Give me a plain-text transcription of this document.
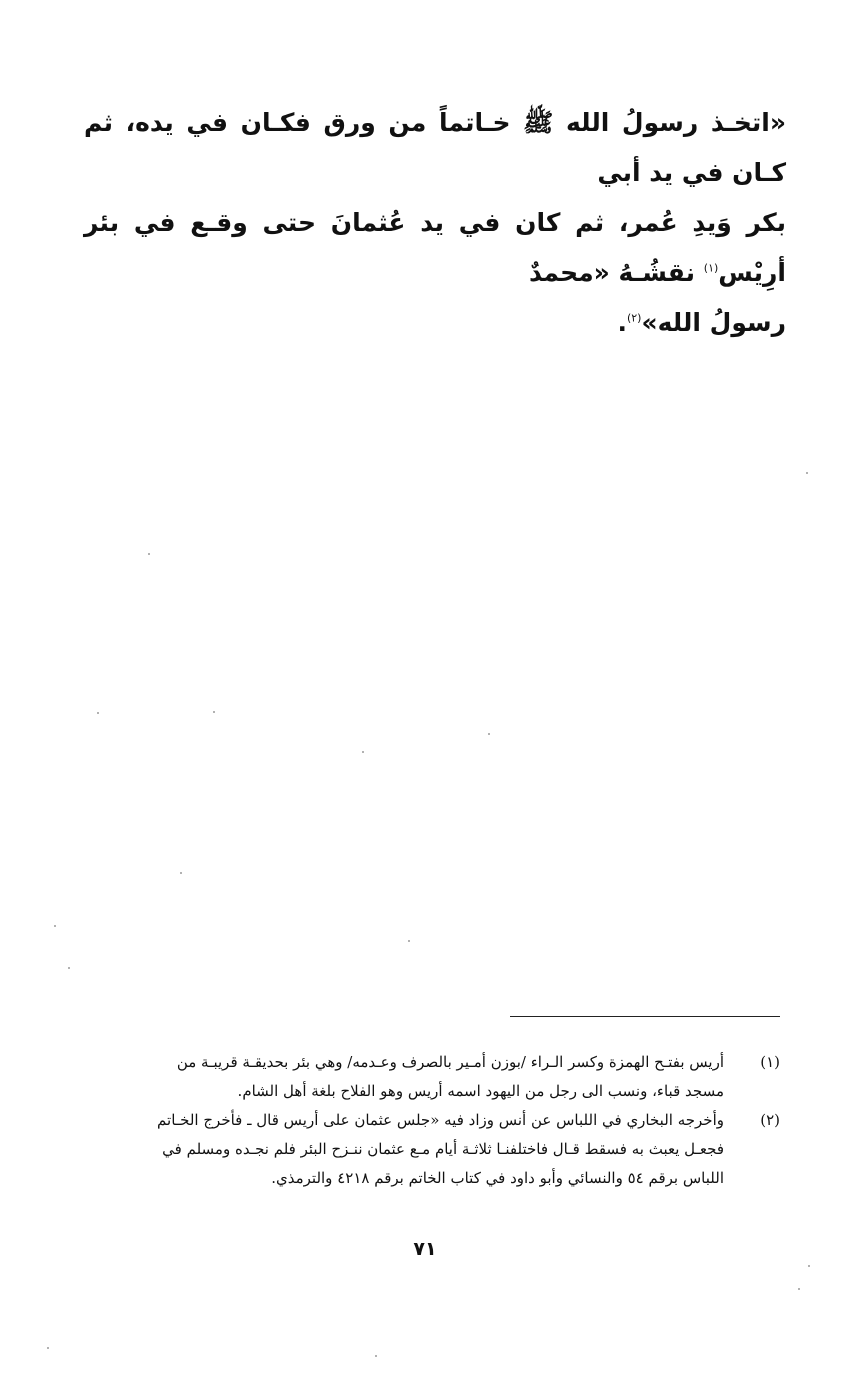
«اتخـذ رسولُ الله ﷺ خـاتماً من ورق فكـان في يده، ثم كـان في يد أبي
بكر وَيدِ عُمر، ثم كان في يد عُثمانَ حتى وقـع في بئر أرِيْس$^{(١)}$ نقشُـهُ «محمدٌ
رسولُ الله»$^{(٢)}$.
(١)
أريس بفتـح الهمزة وكسر الـراء /بوزن أمـير بالصرف وعـدمه/ وهي بئر بحديقـة قريبـة من
مسجد قباء، ونسب الى رجل من اليهود اسمه أريس وهو الفلاح بلغة أهل الشام.
(٢)
وأخرجه البخاري في اللباس عن أنس وزاد فيه «جلس عثمان على أريس قال ـ فأخرج الخـاتم
فجعـل يعبث به فسقط قـال فاختلفنـا ثلاثـة أيام مـع عثمان ننـزح البئر فلم نجـده ومسلم في
اللباس برقم ٥٤ والنسائي وأبو داود في كتاب الخاتم برقم ٤٢١٨ والترمذي.
٧١
